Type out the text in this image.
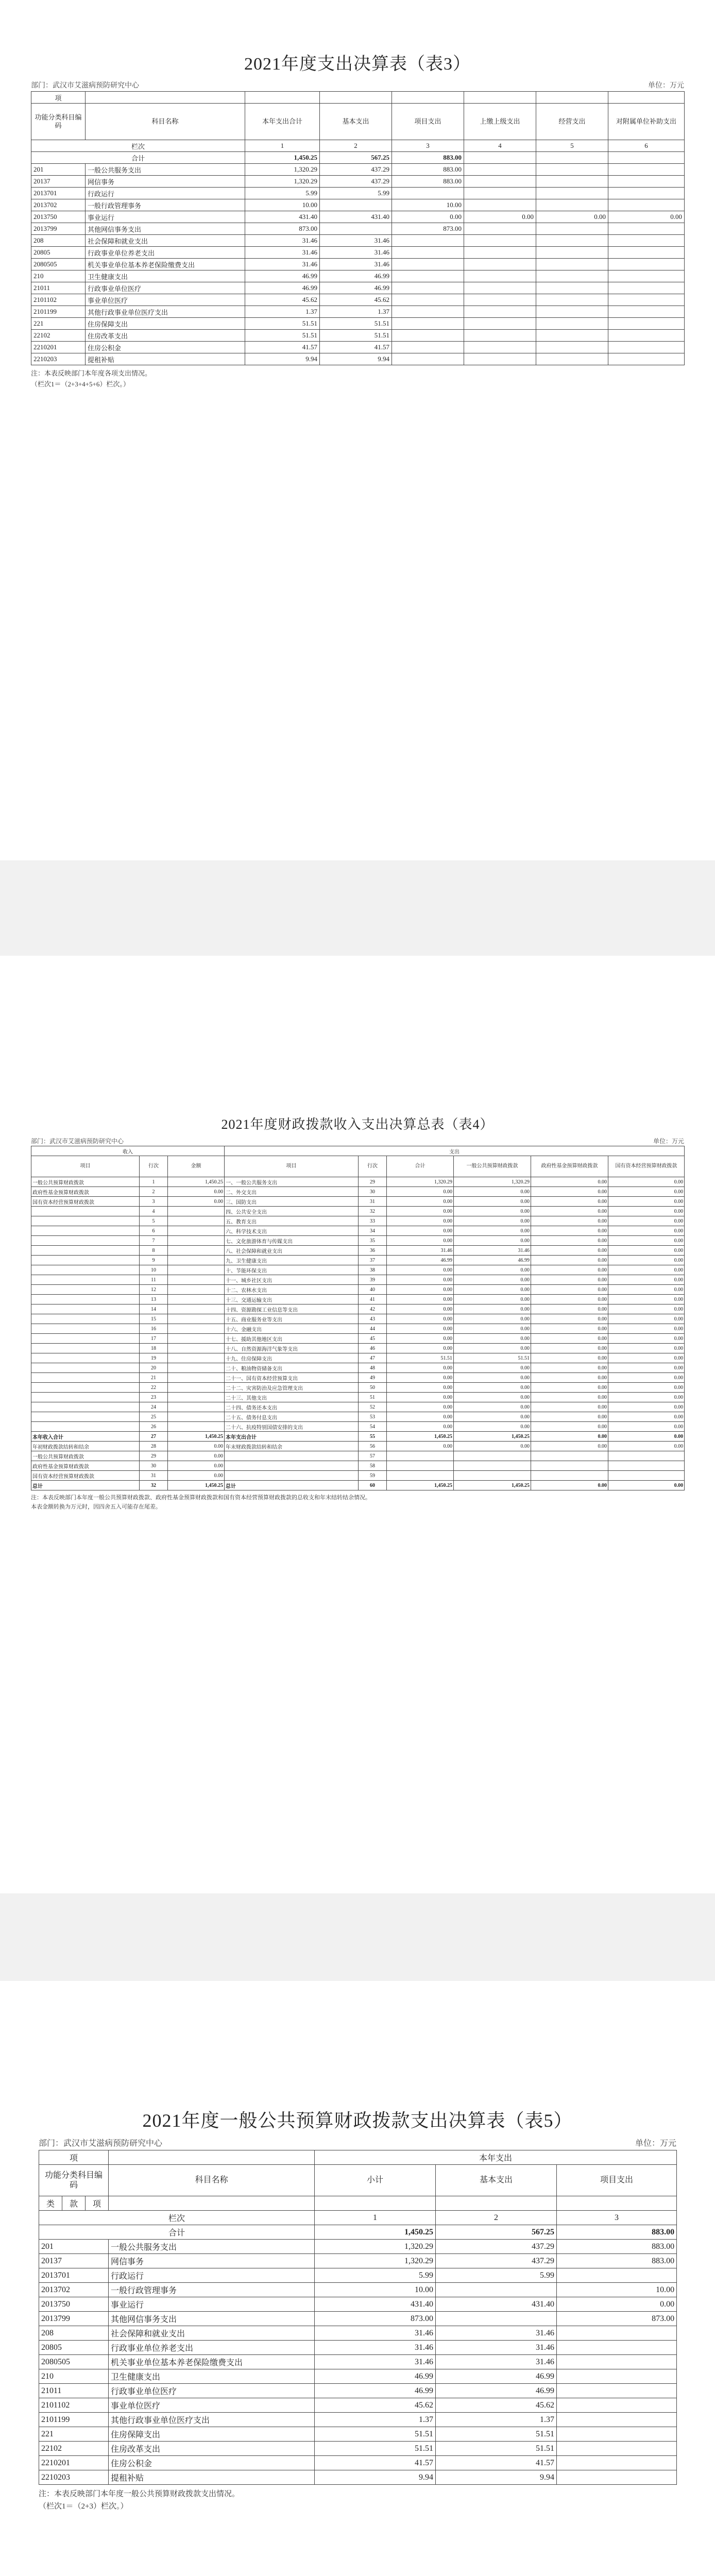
2021年度支出决算表（表3）
部门：武汉市艾滋病预防研究中心	单位：万元
项								
功能分类科目编码	科目名称	本年支出合计	基本支出	项目支出	上缴上级支出	经营支出	对附属单位补助支出	
栏次		1	2	3	4	5	6	
合计		1,450.25	567.25	883.00				
201	一般公共服务支出	1,320.29	437.29	883.00				
20137	网信事务	1,320.29	437.29	883.00				
2013701	行政运行	5.99	5.99					
2013702	一般行政管理事务	10.00		10.00				
2013750	事业运行	431.40	431.40	0.00	0.00	0.00	0.00	
2013799	其他网信事务支出	873.00		873.00				
208	社会保障和就业支出	31.46	31.46					
20805	行政事业单位养老支出	31.46	31.46					
2080505	机关事业单位基本养老保险缴费支出	31.46	31.46					
210	卫生健康支出	46.99	46.99					
21011	行政事业单位医疗	46.99	46.99					
2101102	事业单位医疗	45.62	45.62					
2101199	其他行政事业单位医疗支出	1.37	1.37					
221	住房保障支出	51.51	51.51					
22102	住房改革支出	51.51	51.51					
2210201	住房公积金	41.57	41.57					
2210203	提租补贴	9.94	9.94					
注：本表反映部门本年度各项支出情况。
（栏次1＝（2+3+4+5+6）栏次。）
2021年度财政拨款收入支出决算总表（表4）
部门：武汉市艾滋病预防研究中心	单位：万元
收入			支出					
项目	行次	金额	项目	行次	合计	一般公共预算财政拨款	政府性基金预算财政拨款	国有资本经营预算财政拨款
一般公共预算财政拨款	1	1,450.25	一、一般公共服务支出	29	1,320.29	1,320.29	0.00	0.00
政府性基金预算财政拨款	2	0.00	二、外交支出	30	0.00	0.00	0.00	0.00
国有资本经营预算财政拨款	3	0.00	三、国防支出	31	0.00	0.00	0.00	0.00
	4		四、公共安全支出	32	0.00	0.00	0.00	0.00
	5		五、教育支出	33	0.00	0.00	0.00	0.00
	6		六、科学技术支出	34	0.00	0.00	0.00	0.00
	7		七、文化旅游体育与传媒支出	35	0.00	0.00	0.00	0.00
	8		八、社会保障和就业支出	36	31.46	31.46	0.00	0.00
	9		九、卫生健康支出	37	46.99	46.99	0.00	0.00
	10		十、节能环保支出	38	0.00	0.00	0.00	0.00
	11		十一、城乡社区支出	39	0.00	0.00	0.00	0.00
	12		十二、农林水支出	40	0.00	0.00	0.00	0.00
	13		十三、交通运输支出	41	0.00	0.00	0.00	0.00
	14		十四、资源勘探工业信息等支出	42	0.00	0.00	0.00	0.00
	15		十五、商业服务业等支出	43	0.00	0.00	0.00	0.00
	16		十六、金融支出	44	0.00	0.00	0.00	0.00
	17		十七、援助其他地区支出	45	0.00	0.00	0.00	0.00
	18		十八、自然资源海洋气象等支出	46	0.00	0.00	0.00	0.00
	19		十九、住房保障支出	47	51.51	51.51	0.00	0.00
	20		二十、粮油物资储备支出	48	0.00	0.00	0.00	0.00
	21		二十一、国有资本经营预算支出	49	0.00	0.00	0.00	0.00
	22		二十二、灾害防治及应急管理支出	50	0.00	0.00	0.00	0.00
	23		二十三、其他支出	51	0.00	0.00	0.00	0.00
	24		二十四、债务还本支出	52	0.00	0.00	0.00	0.00
	25		二十五、债务付息支出	53	0.00	0.00	0.00	0.00
	26		二十六、抗疫特别国债安排的支出	54	0.00	0.00	0.00	0.00
本年收入合计	27	1,450.25	本年支出合计	55	1,450.25	1,450.25	0.00	0.00
年初财政拨款结转和结余	28	0.00	年末财政拨款结转和结余	56	0.00	0.00	0.00	0.00
一般公共预算财政拨款	29	0.00		57				
政府性基金预算财政拨款	30	0.00		58				
国有资本经营预算财政拨款	31	0.00		59				
总计	32	1,450.25	总计	60	1,450.25	1,450.25	0.00	0.00
注：本表反映部门本年度一般公共预算财政拨款、政府性基金预算财政拨款和国有资本经营预算财政拨款的总收支和年末结转结余情况。
本表金额转换为万元时，因四舍五入可能存在尾差。
2021年度一般公共预算财政拨款支出决算表（表5）
部门：武汉市艾滋病预防研究中心	单位：万元
项				本年支出		
功能分类科目编码			科目名称	小计	基本支出	项目支出
类	款	项				
栏次				1	2	3
合计				1,450.25	567.25	883.00
201			一般公共服务支出	1,320.29	437.29	883.00
20137			网信事务	1,320.29	437.29	883.00
2013701			行政运行	5.99	5.99	
2013702			一般行政管理事务	10.00		10.00
2013750			事业运行	431.40	431.40	0.00
2013799			其他网信事务支出	873.00		873.00
208			社会保障和就业支出	31.46	31.46	
20805			行政事业单位养老支出	31.46	31.46	
2080505			机关事业单位基本养老保险缴费支出	31.46	31.46	
210			卫生健康支出	46.99	46.99	
21011			行政事业单位医疗	46.99	46.99	
2101102			事业单位医疗	45.62	45.62	
2101199			其他行政事业单位医疗支出	1.37	1.37	
221			住房保障支出	51.51	51.51	
22102			住房改革支出	51.51	51.51	
2210201			住房公积金	41.57	41.57	
2210203			提租补贴	9.94	9.94	
注：本表反映部门本年度一般公共预算财政拨款支出情况。
（栏次1＝（2+3）栏次。）
